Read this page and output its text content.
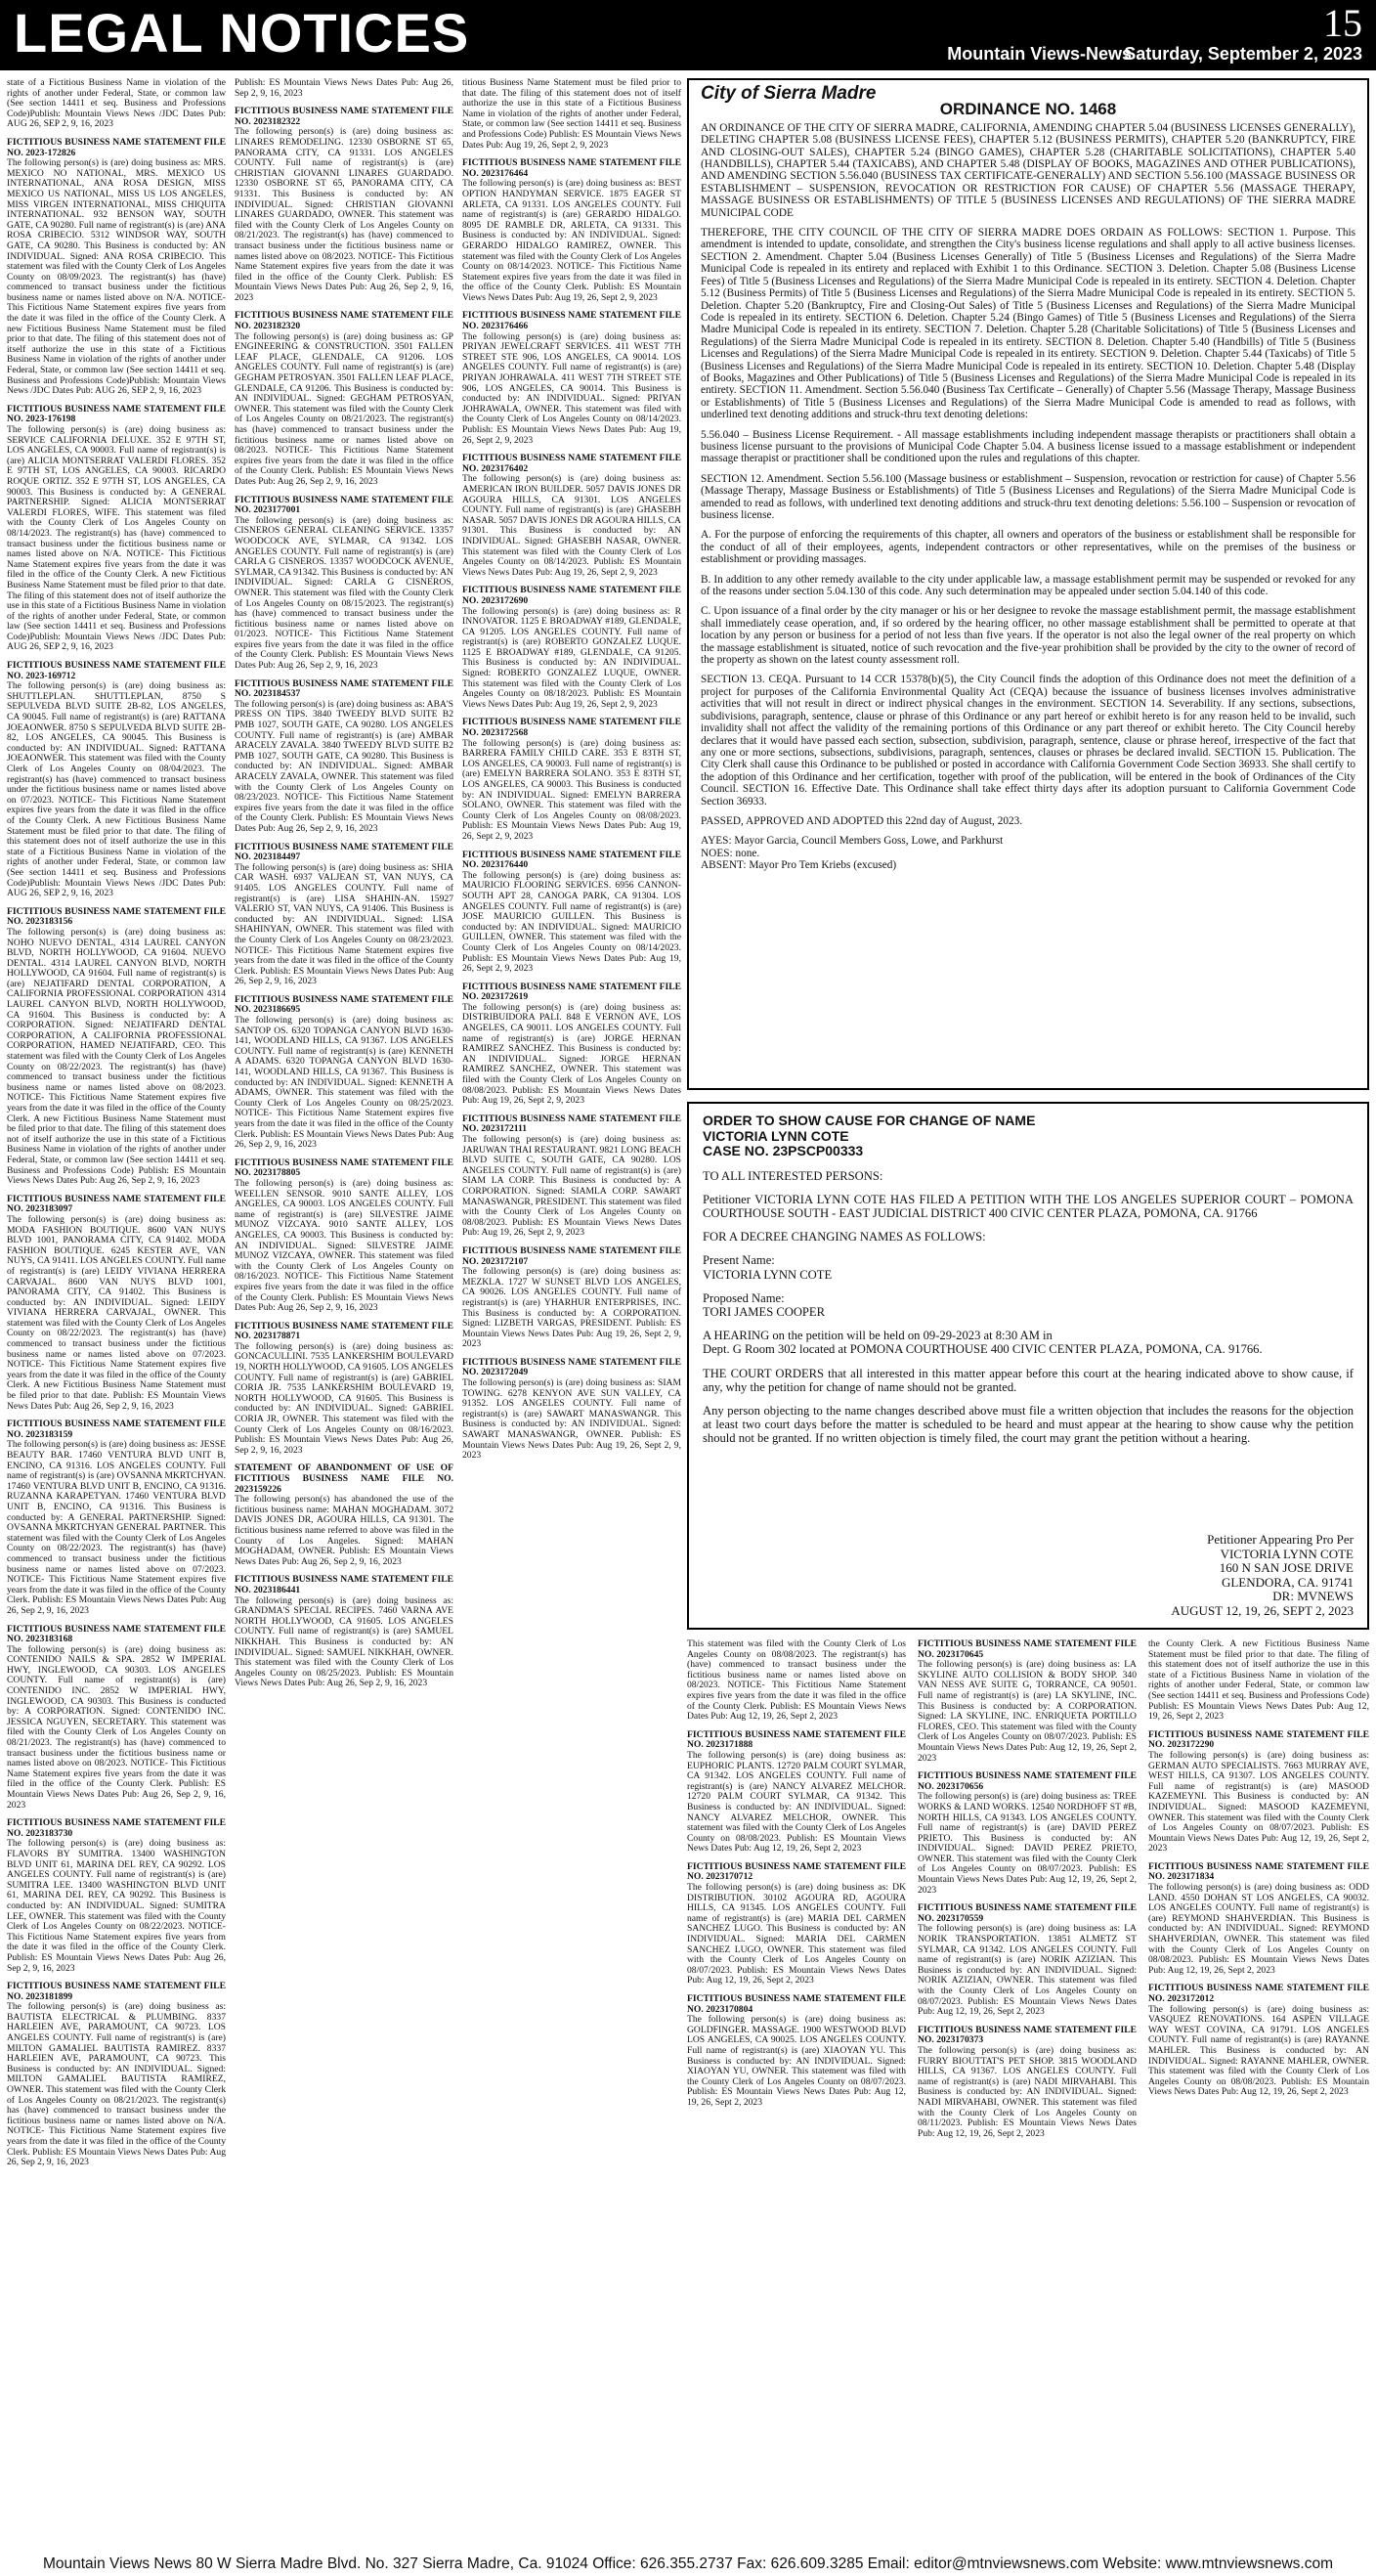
LEGAL NOTICES	15
Mountain Views-News
Saturday, September 2, 2023

state of a Fictitious Business Name in violation of the rights of another under Federal, State, or common law (See section 14411 et seq. Business and Professions Code)Publish: Mountain Views News /JDC Dates Pub: AUG 26, SEP 2, 9, 16, 2023

FICTITIOUS BUSINESS NAME STATEMENT FILE NO. 2023-172826

The following person(s) is (are) doing business as: MRS. MEXICO NO NATIONAL, MRS. MEXICO US INTERNATIONAL, ANA ROSA DESIGN, MISS MEXICO US NATIONAL, MISS US LOS ANGELES, MISS VIRGEN INTERNATIONAL, MISS CHIQUITA INTERNATIONAL. 932 BENSON WAY, SOUTH GATE, CA 90280. Full name of registrant(s) is (are) ANA ROSA CRIBECIO. 5312 WINDSOR WAY, SOUTH GATE, CA 90280. This Business is conducted by: AN INDIVIDUAL. Signed: ANA ROSA CRIBECIO. This statement was filed with the County Clerk of Los Angeles County on 08/09/2023. The registrant(s) has (have) commenced to transact business under the fictitious business name or names listed above on N/A. NOTICE- This Fictitious Name Statement expires five years from the date it was filed in the office of the County Clerk. A new Fictitious Business Name Statement must be filed prior to that date. The filing of this statement does not of itself authorize the use in this state of a Fictitious Business Name in violation of the rights of another under Federal, State, or common law (See section 14411 et seq. Business and Professions Code)Publish: Mountain Views News /JDC Dates Pub: AUG 26, SEP 2, 9, 16, 2023

FICTITIOUS BUSINESS NAME STATEMENT FILE NO. 2023-176198

The following person(s) is (are) doing business as: SERVICE CALIFORNIA DELUXE. 352 E 97TH ST, LOS ANGELES, CA 90003. Full name of registrant(s) is (are) ALICIA MONTSERRAT VALERDI FLORES. 352 E 97TH ST, LOS ANGELES, CA 90003. RICARDO ROQUE ORTIZ. 352 E 97TH ST, LOS ANGELES, CA 90003. This Business is conducted by: A GENERAL PARTNERSHIP. Signed: ALICIA MONTSERRAT VALERDI FLORES, WIFE. This statement was filed with the County Clerk of Los Angeles County on 08/14/2023. The registrant(s) has (have) commenced to transact business under the fictitious business name or names listed above on N/A. NOTICE- This Fictitious Name Statement expires five years from the date it was filed in the office of the County Clerk. A new Fictitious Business Name Statement must be filed prior to that date. The filing of this statement does not of itself authorize the use in this state of a Fictitious Business Name in violation of the rights of another under Federal, State, or common law (See section 14411 et seq. Business and Professions Code)Publish: Mountain Views News /JDC Dates Pub: AUG 26, SEP 2, 9, 16, 2023

FICTITIOUS BUSINESS NAME STATEMENT FILE NO. 2023-169712

The following person(s) is (are) doing business as: SHUTTLEPLAN. SHUTTLEPLAN, 8750 S SEPULVEDA BLVD SUITE 2B-82, LOS ANGELES, CA 90045. Full name of registrant(s) is (are) RATTANA JOEAONWER. 8750 S SEPULVEDA BLVD SUITE 2B-82, LOS ANGELES, CA 90045. This Business is conducted by: AN INDIVIDUAL. Signed: RATTANA JOEAONWER. This statement was filed with the County Clerk of Los Angeles County on 08/04/2023. The registrant(s) has (have) commenced to transact business under the fictitious business name or names listed above on 07/2023. NOTICE- This Fictitious Name Statement expires five years from the date it was filed in the office of the County Clerk. A new Fictitious Business Name Statement must be filed prior to that date. The filing of this statement does not of itself authorize the use in this state of a Fictitious Business Name in violation of the rights of another under Federal, State, or common law (See section 14411 et seq. Business and Professions Code)Publish: Mountain Views News /JDC Dates Pub: AUG 26, SEP 2, 9, 16, 2023

FICTITIOUS BUSINESS NAME STATEMENT FILE NO. 2023183156

The following person(s) is (are) doing business as: NOHO NUEVO DENTAL, 4314 LAUREL CANYON BLVD, NORTH HOLLYWOOD, CA 91604. NUEVO DENTAL. 4314 LAUREL CANYON BLVD, NORTH HOLLYWOOD, CA 91604. Full name of registrant(s) is (are) NEJATIFARD DENTAL CORPORATION, A CALIFORNIA PROFESSIONAL CORPORATION 4314 LAUREL CANYON BLVD, NORTH HOLLYWOOD, CA 91604. This Business is conducted by: A CORPORATION. Signed: NEJATIFARD DENTAL CORPORATION, A CALIFORNIA PROFESSIONAL CORPORATION, HAMED NEJATIFARD, CEO. This statement was filed with the County Clerk of Los Angeles County on 08/22/2023. The registrant(s) has (have) commenced to transact business under the fictitious business name or names listed above on 08/2023. NOTICE- This Fictitious Name Statement expires five years from the date it was filed in the office of the County Clerk. A new Fictitious Business Name Statement must be filed prior to that date. The filing of this statement does not of itself authorize the use in this state of a Fictitious Business Name in violation of the rights of another under Federal, State, or common law (See section 14411 et seq. Business and Professions Code) Publish: ES Mountain Views News Dates Pub: Aug 26, Sep 2, 9, 16, 2023

FICTITIOUS BUSINESS NAME STATEMENT FILE NO. 2023183097

The following person(s) is (are) doing business as: MODA FASHION BOUTIQUE. 8600 VAN NUYS BLVD 1001, PANORAMA CITY, CA 91402. MODA FASHION BOUTIQUE. 6245 KESTER AVE, VAN NUYS, CA 91411. LOS ANGELES COUNTY. Full name of registrant(s) is (are) LEIDY VIVIANA HERRERA CARVAJAL. 8600 VAN NUYS BLVD 1001, PANORAMA CITY, CA 91402. This Business is conducted by: AN INDIVIDUAL. Signed: LEIDY VIVIANA HERRERA CARVAJAL, OWNER. This statement was filed with the County Clerk of Los Angeles County on 08/22/2023. The registrant(s) has (have) commenced to transact business under the fictitious business name or names listed above on 07/2023. NOTICE- This Fictitious Name Statement expires five years from the date it was filed in the office of the County Clerk. A new Fictitious Business Name Statement must be filed prior to that date. Publish: ES Mountain Views News Dates Pub: Aug 26, Sep 2, 9, 16, 2023

FICTITIOUS BUSINESS NAME STATEMENT FILE NO. 2023183159

The following person(s) is (are) doing business as: JESSE BEAUTY BAR. 17460 VENTURA BLVD UNIT B, ENCINO, CA 91316. LOS ANGELES COUNTY. Full name of registrant(s) is (are) OVSANNA MKRTCHYAN. 17460 VENTURA BLVD UNIT B, ENCINO, CA 91316. RUZANNA KARAPETYAN. 17460 VENTURA BLVD UNIT B, ENCINO, CA 91316. This Business is conducted by: A GENERAL PARTNERSHIP. Signed: OVSANNA MKRTCHYAN GENERAL PARTNER. This statement was filed with the County Clerk of Los Angeles County on 08/22/2023. The registrant(s) has (have) commenced to transact business under the fictitious business name or names listed above on 07/2023. NOTICE- This Fictitious Name Statement expires five years from the date it was filed in the office of the County Clerk. Publish: ES Mountain Views News Dates Pub: Aug 26, Sep 2, 9, 16, 2023

FICTITIOUS BUSINESS NAME STATEMENT FILE NO. 2023183168

The following person(s) is (are) doing business as: CONTENIDO NAILS & SPA. 2852 W IMPERIAL HWY, INGLEWOOD, CA 90303. LOS ANGELES COUNTY. Full name of registrant(s) is (are) CONTENIDO INC. 2852 W IMPERIAL HWY, INGLEWOOD, CA 90303. This Business is conducted by: A CORPORATION. Signed: CONTENIDO INC. JESSICA NGUYEN, SECRETARY. This statement was filed with the County Clerk of Los Angeles County on 08/21/2023. The registrant(s) has (have) commenced to transact business under the fictitious business name or names listed above on 08/2023. NOTICE- This Fictitious Name Statement expires five years from the date it was filed in the office of the County Clerk. Publish: ES Mountain Views News Dates Pub: Aug 26, Sep 2, 9, 16, 2023

FICTITIOUS BUSINESS NAME STATEMENT FILE NO. 2023183730

The following person(s) is (are) doing business as: FLAVORS BY SUMITRA. 13400 WASHINGTON BLVD UNIT 61, MARINA DEL REY, CA 90292. LOS ANGELES COUNTY. Full name of registrant(s) is (are) SUMITRA LEE. 13400 WASHINGTON BLVD UNIT 61, MARINA DEL REY, CA 90292. This Business is conducted by: AN INDIVIDUAL. Signed: SUMITRA LEE, OWNER. This statement was filed with the County Clerk of Los Angeles County on 08/22/2023. NOTICE- This Fictitious Name Statement expires five years from the date it was filed in the office of the County Clerk. Publish: ES Mountain Views News Dates Pub: Aug 26, Sep 2, 9, 16, 2023

FICTITIOUS BUSINESS NAME STATEMENT FILE NO. 2023181899

The following person(s) is (are) doing business as: BAUTISTA ELECTRICAL & PLUMBING. 8337 HARLEIEN AVE, PARAMOUNT, CA 90723. LOS ANGELES COUNTY. Full name of registrant(s) is (are) MILTON GAMALIEL BAUTISTA RAMIREZ. 8337 HARLEIEN AVE, PARAMOUNT, CA 90723. This Business is conducted by: AN INDIVIDUAL. Signed: MILTON GAMALIEL BAUTISTA RAMIREZ, OWNER. This statement was filed with the County Clerk of Los Angeles County on 08/21/2023. The registrant(s) has (have) commenced to transact business under the fictitious business name or names listed above on N/A. NOTICE- This Fictitious Name Statement expires five years from the date it was filed in the office of the County Clerk. Publish: ES Mountain Views News Dates Pub: Aug 26, Sep 2, 9, 16, 2023

Publish: ES Mountain Views News Dates Pub: Aug 26, Sep 2, 9, 16, 2023

FICTITIOUS BUSINESS NAME STATEMENT FILE NO. 2023182322

The following person(s) is (are) doing business as: LINARES REMODELING. 12330 OSBORNE ST 65, PANORAMA CITY, CA 91331. LOS ANGELES COUNTY. Full name of registrant(s) is (are) CHRISTIAN GIOVANNI LINARES GUARDADO. 12330 OSBORNE ST 65, PANORAMA CITY, CA 91331. This Business is conducted by: AN INDIVIDUAL. Signed: CHRISTIAN GIOVANNI LINARES GUARDADO, OWNER. This statement was filed with the County Clerk of Los Angeles County on 08/21/2023. The registrant(s) has (have) commenced to transact business under the fictitious business name or names listed above on 08/2023. NOTICE- This Fictitious Name Statement expires five years from the date it was filed in the office of the County Clerk. Publish: ES Mountain Views News Dates Pub: Aug 26, Sep 2, 9, 16, 2023

FICTITIOUS BUSINESS NAME STATEMENT FILE NO. 2023182320

The following person(s) is (are) doing business as: GP ENGINEERING & CONSTRUCTION. 3501 FALLEN LEAF PLACE, GLENDALE, CA 91206. LOS ANGELES COUNTY. Full name of registrant(s) is (are) GEGHAM PETROSYAN. 3501 FALLEN LEAF PLACE, GLENDALE, CA 91206. This Business is conducted by: AN INDIVIDUAL. Signed: GEGHAM PETROSYAN, OWNER. This statement was filed with the County Clerk of Los Angeles County on 08/21/2023. The registrant(s) has (have) commenced to transact business under the fictitious business name or names listed above on 08/2023. NOTICE- This Fictitious Name Statement expires five years from the date it was filed in the office of the County Clerk. Publish: ES Mountain Views News Dates Pub: Aug 26, Sep 2, 9, 16, 2023

FICTITIOUS BUSINESS NAME STATEMENT FILE NO. 2023177001

The following person(s) is (are) doing business as: CISNEROS GENERAL CLEANING SERVICE. 13357 WOODCOCK AVE, SYLMAR, CA 91342. LOS ANGELES COUNTY. Full name of registrant(s) is (are) CARLA G CISNEROS. 13357 WOODCOCK AVENUE, SYLMAR, CA 91342. This Business is conducted by: AN INDIVIDUAL. Signed: CARLA G CISNEROS, OWNER. This statement was filed with the County Clerk of Los Angeles County on 08/15/2023. The registrant(s) has (have) commenced to transact business under the fictitious business name or names listed above on 01/2023. NOTICE- This Fictitious Name Statement expires five years from the date it was filed in the office of the County Clerk. Publish: ES Mountain Views News Dates Pub: Aug 26, Sep 2, 9, 16, 2023

FICTITIOUS BUSINESS NAME STATEMENT FILE NO. 2023184537

The following person(s) is (are) doing business as: ABA'S PRESS ON TIPS. 3840 TWEEDY BLVD SUITE B2 PMB 1027, SOUTH GATE, CA 90280. LOS ANGELES COUNTY. Full name of registrant(s) is (are) AMBAR ARACELY ZAVALA. 3840 TWEEDY BLVD SUITE B2 PMB 1027, SOUTH GATE, CA 90280. This Business is conducted by: AN INDIVIDUAL. Signed: AMBAR ARACELY ZAVALA, OWNER. This statement was filed with the County Clerk of Los Angeles County on 08/23/2023. NOTICE- This Fictitious Name Statement expires five years from the date it was filed in the office of the County Clerk. Publish: ES Mountain Views News Dates Pub: Aug 26, Sep 2, 9, 16, 2023

FICTITIOUS BUSINESS NAME STATEMENT FILE NO. 2023184497

The following person(s) is (are) doing business as: SHIA CAR WASH. 6937 VALJEAN ST, VAN NUYS, CA 91405. LOS ANGELES COUNTY. Full name of registrant(s) is (are) LISA SHAHIN-AN. 15927 VALERIO ST, VAN NUYS, CA 91406. This Business is conducted by: AN INDIVIDUAL. Signed: LISA SHAHINYAN, OWNER. This statement was filed with the County Clerk of Los Angeles County on 08/23/2023. NOTICE- This Fictitious Name Statement expires five years from the date it was filed in the office of the County Clerk. Publish: ES Mountain Views News Dates Pub: Aug 26, Sep 2, 9, 16, 2023

FICTITIOUS BUSINESS NAME STATEMENT FILE NO. 2023186695

The following person(s) is (are) doing business as: SANTOP OS. 6320 TOPANGA CANYON BLVD 1630-141, WOODLAND HILLS, CA 91367. LOS ANGELES COUNTY. Full name of registrant(s) is (are) KENNETH A ADAMS. 6320 TOPANGA CANYON BLVD 1630-141, WOODLAND HILLS, CA 91367. This Business is conducted by: AN INDIVIDUAL. Signed: KENNETH A ADAMS, OWNER. This statement was filed with the County Clerk of Los Angeles County on 08/25/2023. NOTICE- This Fictitious Name Statement expires five years from the date it was filed in the office of the County Clerk. Publish: ES Mountain Views News Dates Pub: Aug 26, Sep 2, 9, 16, 2023

FICTITIOUS BUSINESS NAME STATEMENT FILE NO. 2023178805

The following person(s) is (are) doing business as: WEELLEN SENSOR. 9010 SANTE ALLEY, LOS ANGELES, CA 90003. LOS ANGELES COUNTY. Full name of registrant(s) is (are) SILVESTRE JAIME MUNOZ VIZCAYA. 9010 SANTE ALLEY, LOS ANGELES, CA 90003. This Business is conducted by: AN INDIVIDUAL. Signed: SILVESTRE JAIME MUNOZ VIZCAYA, OWNER. This statement was filed with the County Clerk of Los Angeles County on 08/16/2023. NOTICE- This Fictitious Name Statement expires five years from the date it was filed in the office of the County Clerk. Publish: ES Mountain Views News Dates Pub: Aug 26, Sep 2, 9, 16, 2023

FICTITIOUS BUSINESS NAME STATEMENT FILE NO. 2023178871

The following person(s) is (are) doing business as: GONCACULLINI. 7535 LANKERSHIM BOULEVARD 19, NORTH HOLLYWOOD, CA 91605. LOS ANGELES COUNTY. Full name of registrant(s) is (are) GABRIEL CORIA JR. 7535 LANKERSHIM BOULEVARD 19, NORTH HOLLYWOOD, CA 91605. This Business is conducted by: AN INDIVIDUAL. Signed: GABRIEL CORIA JR, OWNER. This statement was filed with the County Clerk of Los Angeles County on 08/16/2023. Publish: ES Mountain Views News Dates Pub: Aug 26, Sep 2, 9, 16, 2023

STATEMENT OF ABANDONMENT OF USE OF FICTITIOUS BUSINESS NAME FILE NO. 2023159226

The following person(s) has abandoned the use of the fictitious business name: MAHAN MOGHADAM. 3072 DAVIS JONES DR, AGOURA HILLS, CA 91301. The fictitious business name referred to above was filed in the County of Los Angeles. Signed: MAHAN MOGHADAM, OWNER. Publish: ES Mountain Views News Dates Pub: Aug 26, Sep 2, 9, 16, 2023

FICTITIOUS BUSINESS NAME STATEMENT FILE NO. 2023186441

The following person(s) is (are) doing business as: GRANDMA'S SPECIAL RECIPES. 7460 VARNA AVE NORTH HOLLYWOOD, CA 91605. LOS ANGELES COUNTY. Full name of registrant(s) is (are) SAMUEL NIKKHAH. This Business is conducted by: AN INDIVIDUAL. Signed: SAMUEL NIKKHAH, OWNER. This statement was filed with the County Clerk of Los Angeles County on 08/25/2023. Publish: ES Mountain Views News Dates Pub: Aug 26, Sep 2, 9, 16, 2023

titious Business Name Statement must be filed prior to that date. The filing of this statement does not of itself authorize the use in this state of a Fictitious Business Name in violation of the rights of another under Federal, State, or common law (See section 14411 et seq. Business and Professions Code) Publish: ES Mountain Views News Dates Pub: Aug 19, 26, Sept 2, 9, 2023

FICTITIOUS BUSINESS NAME STATEMENT FILE NO. 2023176464

The following person(s) is (are) doing business as: BEST OPTION HANDYMAN SERVICE. 1875 EAGER ST ARLETA, CA 91331. LOS ANGELES COUNTY. Full name of registrant(s) is (are) GERARDO HIDALGO. 8095 DE RAMBLE DR, ARLETA, CA 91331. This Business is conducted by: AN INDIVIDUAL. Signed: GERARDO HIDALGO RAMIREZ, OWNER. This statement was filed with the County Clerk of Los Angeles County on 08/14/2023. NOTICE- This Fictitious Name Statement expires five years from the date it was filed in the office of the County Clerk. Publish: ES Mountain Views News Dates Pub: Aug 19, 26, Sept 2, 9, 2023

FICTITIOUS BUSINESS NAME STATEMENT FILE NO. 2023176466

The following person(s) is (are) doing business as: PRIYAN JEWELCRAFT SERVICES. 411 WEST 7TH STREET STE 906, LOS ANGELES, CA 90014. LOS ANGELES COUNTY. Full name of registrant(s) is (are) PRIYAN JOHRAWALA. 411 WEST 7TH STREET STE 906, LOS ANGELES, CA 90014. This Business is conducted by: AN INDIVIDUAL. Signed: PRIYAN JOHRAWALA, OWNER. This statement was filed with the County Clerk of Los Angeles County on 08/14/2023. Publish: ES Mountain Views News Dates Pub: Aug 19, 26, Sept 2, 9, 2023

FICTITIOUS BUSINESS NAME STATEMENT FILE NO. 2023176402

The following person(s) is (are) doing business as: AMERICAN IRON BUILDER. 5057 DAVIS JONES DR AGOURA HILLS, CA 91301. LOS ANGELES COUNTY. Full name of registrant(s) is (are) GHASEBH NASAR. 5057 DAVIS JONES DR AGOURA HILLS, CA 91301. This Business is conducted by: AN INDIVIDUAL. Signed: GHASEBH NASAR, OWNER. This statement was filed with the County Clerk of Los Angeles County on 08/14/2023. Publish: ES Mountain Views News Dates Pub: Aug 19, 26, Sept 2, 9, 2023

FICTITIOUS BUSINESS NAME STATEMENT FILE NO. 2023172690

The following person(s) is (are) doing business as: R INNOVATOR. 1125 E BROADWAY #189, GLENDALE, CA 91205. LOS ANGELES COUNTY. Full name of registrant(s) is (are) ROBERTO GONZALEZ LUQUE. 1125 E BROADWAY #189, GLENDALE, CA 91205. This Business is conducted by: AN INDIVIDUAL. Signed: ROBERTO GONZALEZ LUQUE, OWNER. This statement was filed with the County Clerk of Los Angeles County on 08/18/2023. Publish: ES Mountain Views News Dates Pub: Aug 19, 26, Sept 2, 9, 2023

FICTITIOUS BUSINESS NAME STATEMENT FILE NO. 2023172568

The following person(s) is (are) doing business as: BARRERA FAMILY CHILD CARE. 353 E 83TH ST, LOS ANGELES, CA 90003. Full name of registrant(s) is (are) EMELYN BARRERA SOLANO. 353 E 83TH ST, LOS ANGELES, CA 90003. This Business is conducted by: AN INDIVIDUAL. Signed: EMELYN BARRERA SOLANO, OWNER. This statement was filed with the County Clerk of Los Angeles County on 08/08/2023. Publish: ES Mountain Views News Dates Pub: Aug 19, 26, Sept 2, 9, 2023

FICTITIOUS BUSINESS NAME STATEMENT FILE NO. 2023176440

The following person(s) is (are) doing business as: MAURICIO FLOORING SERVICES. 6956 CANNON-SOUTH APT 28, CANOGA PARK, CA 91304. LOS ANGELES COUNTY. Full name of registrant(s) is (are) JOSE MAURICIO GUILLEN. This Business is conducted by: AN INDIVIDUAL. Signed: MAURICIO GUILLEN, OWNER. This statement was filed with the County Clerk of Los Angeles County on 08/14/2023. Publish: ES Mountain Views News Dates Pub: Aug 19, 26, Sept 2, 9, 2023

FICTITIOUS BUSINESS NAME STATEMENT FILE NO. 2023172619

The following person(s) is (are) doing business as: DISTRIBUIDORA PALI. 848 E VERNON AVE, LOS ANGELES, CA 90011. LOS ANGELES COUNTY. Full name of registrant(s) is (are) JORGE HERNAN RAMIREZ SANCHEZ. This Business is conducted by: AN INDIVIDUAL. Signed: JORGE HERNAN RAMIREZ SANCHEZ, OWNER. This statement was filed with the County Clerk of Los Angeles County on 08/08/2023. Publish: ES Mountain Views News Dates Pub: Aug 19, 26, Sept 2, 9, 2023

FICTITIOUS BUSINESS NAME STATEMENT FILE NO. 2023172111

The following person(s) is (are) doing business as: JARUWAN THAI RESTAURANT. 9821 LONG BEACH BLVD SUITE C, SOUTH GATE, CA 90280. LOS ANGELES COUNTY. Full name of registrant(s) is (are) SIAM LA CORP. This Business is conducted by: A CORPORATION. Signed: SIAMLA CORP. SAWART MANASWANGR, PRESIDENT. This statement was filed with the County Clerk of Los Angeles County on 08/08/2023. Publish: ES Mountain Views News Dates Pub: Aug 19, 26, Sept 2, 9, 2023

FICTITIOUS BUSINESS NAME STATEMENT FILE NO. 2023172107

The following person(s) is (are) doing business as: MEZKLA. 1727 W SUNSET BLVD LOS ANGELES, CA 90026. LOS ANGELES COUNTY. Full name of registrant(s) is (are) YHARHUR ENTERPRISES, INC. This Business is conducted by: A CORPORATION. Signed: LIZBETH VARGAS, PRESIDENT. Publish: ES Mountain Views News Dates Pub: Aug 19, 26, Sept 2, 9, 2023

FICTITIOUS BUSINESS NAME STATEMENT FILE NO. 2023172049

The following person(s) is (are) doing business as: SIAM TOWING. 6278 KENYON AVE SUN VALLEY, CA 91352. LOS ANGELES COUNTY. Full name of registrant(s) is (are) SAWART MANASWANGR. This Business is conducted by: AN INDIVIDUAL. Signed: SAWART MANASWANGR, OWNER. Publish: ES Mountain Views News Dates Pub: Aug 19, 26, Sept 2, 9, 2023

This statement was filed with the County Clerk of Los Angeles County on 08/08/2023. The registrant(s) has (have) commenced to transact business under the fictitious business name or names listed above on 08/2023. NOTICE- This Fictitious Name Statement expires five years from the date it was filed in the office of the County Clerk. Publish: ES Mountain Views News Dates Pub: Aug 12, 19, 26, Sept 2, 2023

FICTITIOUS BUSINESS NAME STATEMENT FILE NO. 2023171888

The following person(s) is (are) doing business as: EUPHORIC PLANTS. 12720 PALM COURT SYLMAR, CA 91342. LOS ANGELES COUNTY. Full name of registrant(s) is (are) NANCY ALVAREZ MELCHOR. 12720 PALM COURT SYLMAR, CA 91342. This Business is conducted by: AN INDIVIDUAL. Signed: NANCY ALVAREZ MELCHOR, OWNER. This statement was filed with the County Clerk of Los Angeles County on 08/08/2023. Publish: ES Mountain Views News Dates Pub: Aug 12, 19, 26, Sept 2, 2023

FICTITIOUS BUSINESS NAME STATEMENT FILE NO. 2023170712

The following person(s) is (are) doing business as: DK DISTRIBUTION. 30102 AGOURA RD, AGOURA HILLS, CA 91345. LOS ANGELES COUNTY. Full name of registrant(s) is (are) MARIA DEL CARMEN SANCHEZ LUGO. This Business is conducted by: AN INDIVIDUAL. Signed: MARIA DEL CARMEN SANCHEZ LUGO, OWNER. This statement was filed with the County Clerk of Los Angeles County on 08/07/2023. Publish: ES Mountain Views News Dates Pub: Aug 12, 19, 26, Sept 2, 2023

FICTITIOUS BUSINESS NAME STATEMENT FILE NO. 2023170804

The following person(s) is (are) doing business as: GOLDFINGER. MASSAGE. 1900 WESTWOOD BLVD LOS ANGELES, CA 90025. LOS ANGELES COUNTY. Full name of registrant(s) is (are) XIAOYAN YU. This Business is conducted by: AN INDIVIDUAL. Signed: XIAOYAN YU, OWNER. This statement was filed with the County Clerk of Los Angeles County on 08/07/2023. Publish: ES Mountain Views News Dates Pub: Aug 12, 19, 26, Sept 2, 2023

FICTITIOUS BUSINESS NAME STATEMENT FILE NO. 2023170645

The following person(s) is (are) doing business as: LA SKYLINE AUTO COLLISION & BODY SHOP. 340 VAN NESS AVE SUITE G, TORRANCE, CA 90501. Full name of registrant(s) is (are) LA SKYLINE, INC. This Business is conducted by: A CORPORATION. Signed: LA SKYLINE, INC. ENRIQUETA PORTILLO FLORES, CEO. This statement was filed with the County Clerk of Los Angeles County on 08/07/2023. Publish: ES Mountain Views News Dates Pub: Aug 12, 19, 26, Sept 2, 2023

FICTITIOUS BUSINESS NAME STATEMENT FILE NO. 2023170656

The following person(s) is (are) doing business as: TREE WORKS & LAND WORKS. 12540 NORDHOFF ST #B, NORTH HILLS, CA 91343. LOS ANGELES COUNTY. Full name of registrant(s) is (are) DAVID PEREZ PRIETO. This Business is conducted by: AN INDIVIDUAL. Signed: DAVID PEREZ PRIETO, OWNER. This statement was filed with the County Clerk of Los Angeles County on 08/07/2023. Publish: ES Mountain Views News Dates Pub: Aug 12, 19, 26, Sept 2, 2023

FICTITIOUS BUSINESS NAME STATEMENT FILE NO. 2023170559

The following person(s) is (are) doing business as: LA NORIK TRANSPORTATION. 13851 ALMETZ ST SYLMAR, CA 91342. LOS ANGELES COUNTY. Full name of registrant(s) is (are) NORIK AZIZIAN. This Business is conducted by: AN INDIVIDUAL. Signed: NORIK AZIZIAN, OWNER. This statement was filed with the County Clerk of Los Angeles County on 08/07/2023. Publish: ES Mountain Views News Dates Pub: Aug 12, 19, 26, Sept 2, 2023

FICTITIOUS BUSINESS NAME STATEMENT FILE NO. 2023170373

The following person(s) is (are) doing business as: FURRY BIOUTTAT'S PET SHOP. 3815 WOODLAND HILLS, CA 91367. LOS ANGELES COUNTY. Full name of registrant(s) is (are) NADI MIRVAHABI. This Business is conducted by: AN INDIVIDUAL. Signed: NADI MIRVAHABI, OWNER. This statement was filed with the County Clerk of Los Angeles County on 08/11/2023. Publish: ES Mountain Views News Dates Pub: Aug 12, 19, 26, Sept 2, 2023

the County Clerk. A new Fictitious Business Name Statement must be filed prior to that date. The filing of this statement does not of itself authorize the use in this state of a Fictitious Business Name in violation of the rights of another under Federal, State, or common law (See section 14411 et seq. Business and Professions Code) Publish: ES Mountain Views News Dates Pub: Aug 12, 19, 26, Sept 2, 2023

FICTITIOUS BUSINESS NAME STATEMENT FILE NO. 2023172290

The following person(s) is (are) doing business as: GERMAN AUTO SPECIALISTS. 7663 MURRAY AVE, WEST HILLS, CA 91307. LOS ANGELES COUNTY. Full name of registrant(s) is (are) MASOOD KAZEMEYNI. This Business is conducted by: AN INDIVIDUAL. Signed: MASOOD KAZEMEYNI, OWNER. This statement was filed with the County Clerk of Los Angeles County on 08/07/2023. Publish: ES Mountain Views News Dates Pub: Aug 12, 19, 26, Sept 2, 2023

FICTITIOUS BUSINESS NAME STATEMENT FILE NO. 2023171834

The following person(s) is (are) doing business as: ODD LAND. 4550 DOHAN ST LOS ANGELES, CA 90032. LOS ANGELES COUNTY. Full name of registrant(s) is (are) REYMOND SHAHVERDIAN. This Business is conducted by: AN INDIVIDUAL. Signed: REYMOND SHAHVERDIAN, OWNER. This statement was filed with the County Clerk of Los Angeles County on 08/08/2023. Publish: ES Mountain Views News Dates Pub: Aug 12, 19, 26, Sept 2, 2023

FICTITIOUS BUSINESS NAME STATEMENT FILE NO. 2023172012

The following person(s) is (are) doing business as: VASQUEZ RENOVATIONS. 164 ASPEN VILLAGE WAY WEST COVINA, CA 91791. LOS ANGELES COUNTY. Full name of registrant(s) is (are) RAYANNE MAHLER. This Business is conducted by: AN INDIVIDUAL. Signed: RAYANNE MAHLER, OWNER. This statement was filed with the County Clerk of Los Angeles County on 08/08/2023. Publish: ES Mountain Views News Dates Pub: Aug 12, 19, 26, Sept 2, 2023

City of Sierra Madre
ORDINANCE NO. 1468

AN ORDINANCE OF THE CITY OF SIERRA MADRE, CALIFORNIA, AMENDING CHAPTER 5.04 (BUSINESS LICENSES GENERALLY), DELETING CHAPTER 5.08 (BUSINESS LICENSE FEES), CHAPTER 5.12 (BUSINESS PERMITS), CHAPTER 5.20 (BANKRUPTCY, FIRE AND CLOSING-OUT SALES), CHAPTER 5.24 (BINGO GAMES), CHAPTER 5.28 (CHARITABLE SOLICITATIONS), CHAPTER 5.40 (HANDBILLS), CHAPTER 5.44 (TAXICABS), AND CHAPTER 5.48 (DISPLAY OF BOOKS, MAGAZINES AND OTHER PUBLICATIONS), AND AMENDING SECTION 5.56.040 (BUSINESS TAX CERTIFICATE-GENERALLY) AND SECTION 5.56.100 (MASSAGE BUSINESS OR ESTABLISHMENT – SUSPENSION, REVOCATION OR RESTRICTION FOR CAUSE) OF CHAPTER 5.56 (MASSAGE THERAPY, MASSAGE BUSINESS OR ESTABLISHMENTS) OF TITLE 5 (BUSINESS LICENSES AND REGULATIONS) OF THE SIERRA MADRE MUNICIPAL CODE

THEREFORE, THE CITY COUNCIL OF THE CITY OF SIERRA MADRE DOES ORDAIN AS FOLLOWS: SECTION 1. Purpose. This amendment is intended to update, consolidate, and strengthen the City's business license regulations and shall apply to all active business licenses. SECTION 2. Amendment. Chapter 5.04 (Business Licenses Generally) of Title 5 (Business Licenses and Regulations) of the Sierra Madre Municipal Code is repealed in its entirety and replaced with Exhibit 1 to this Ordinance. SECTION 3. Deletion. Chapter 5.08 (Business License Fees) of Title 5 (Business Licenses and Regulations) of the Sierra Madre Municipal Code is repealed in its entirety. SECTION 4. Deletion. Chapter 5.12 (Business Permits) of Title 5 (Business Licenses and Regulations) of the Sierra Madre Municipal Code is repealed in its entirety. SECTION 5. Deletion. Chapter 5.20 (Bankruptcy, Fire and Closing-Out Sales) of Title 5 (Business Licenses and Regulations) of the Sierra Madre Municipal Code is repealed in its entirety. SECTION 6. Deletion. Chapter 5.24 (Bingo Games) of Title 5 (Business Licenses and Regulations) of the Sierra Madre Municipal Code is repealed in its entirety. SECTION 7. Deletion. Chapter 5.28 (Charitable Solicitations) of Title 5 (Business Licenses and Regulations) of the Sierra Madre Municipal Code is repealed in its entirety. SECTION 8. Deletion. Chapter 5.40 (Handbills) of Title 5 (Business Licenses and Regulations) of the Sierra Madre Municipal Code is repealed in its entirety. SECTION 9. Deletion. Chapter 5.44 (Taxicabs) of Title 5 (Business Licenses and Regulations) of the Sierra Madre Municipal Code is repealed in its entirety. SECTION 10. Deletion. Chapter 5.48 (Display of Books, Magazines and Other Publications) of Title 5 (Business Licenses and Regulations) of the Sierra Madre Municipal Code is repealed in its entirety. SECTION 11. Amendment. Section 5.56.040 (Business Tax Certificate – Generally) of Chapter 5.56 (Massage Therapy, Massage Business or Establishments) of Title 5 (Business Licenses and Regulations) of the Sierra Madre Municipal Code is amended to read as follows, with underlined text denoting additions and struck-thru text denoting deletions:

5.56.040 – Business License Requirement. - All massage establishments including independent massage therapists or practitioners shall obtain a business license pursuant to the provisions of Municipal Code Chapter 5.04. A business license issued to a massage establishment or independent massage therapist or practitioner shall be conditioned upon the rules and regulations of this chapter.

SECTION 12. Amendment. Section 5.56.100 (Massage business or establishment – Suspension, revocation or restriction for cause) of Chapter 5.56 (Massage Therapy, Massage Business or Establishments) of Title 5 (Business Licenses and Regulations) of the Sierra Madre Municipal Code is amended to read as follows, with underlined text denoting additions and struck-thru text denoting deletions: 5.56.100 – Suspension or revocation of business license.

A. For the purpose of enforcing the requirements of this chapter, all owners and operators of the business or establishment shall be responsible for the conduct of all of their employees, agents, independent contractors or other representatives, while on the premises of the business or establishment or providing massages.

B. In addition to any other remedy available to the city under applicable law, a massage establishment permit may be suspended or revoked for any of the reasons under section 5.04.130 of this code. Any such determination may be appealed under section 5.04.140 of this code.

C. Upon issuance of a final order by the city manager or his or her designee to revoke the massage establishment permit, the massage establishment shall immediately cease operation, and, if so ordered by the hearing officer, no other massage establishment shall be permitted to operate at that location by any person or business for a period of not less than five years. If the operator is not also the legal owner of the real property on which the massage establishment is situated, notice of such revocation and the five-year prohibition shall be provided by the city to the owner of record of the property as shown on the latest county assessment roll.

SECTION 13. CEQA. Pursuant to 14 CCR 15378(b)(5), the City Council finds the adoption of this Ordinance does not meet the definition of a project for purposes of the California Environmental Quality Act (CEQA) because the issuance of business licenses involves administrative activities that will not result in direct or indirect physical changes in the environment. SECTION 14. Severability. If any sections, subsections, subdivisions, paragraph, sentence, clause or phrase of this Ordinance or any part hereof or exhibit hereto is for any reason held to be invalid, such invalidity shall not affect the validity of the remaining portions of this Ordinance or any part thereof or exhibit hereto. The City Council hereby declares that it would have passed each section, subsection, subdivision, paragraph, sentence, clause or phrase hereof, irrespective of the fact that any one or more sections, subsections, subdivisions, paragraph, sentences, clauses or phrases be declared invalid. SECTION 15. Publication. The City Clerk shall cause this Ordinance to be published or posted in accordance with California Government Code Section 36933. She shall certify to the adoption of this Ordinance and her certification, together with proof of the publication, will be entered in the book of Ordinances of the City Council. SECTION 16. Effective Date. This Ordinance shall take effect thirty days after its adoption pursuant to California Government Code Section 36933.

PASSED, APPROVED AND ADOPTED this 22nd day of August, 2023.

AYES: Mayor Garcia, Council Members Goss, Lowe, and Parkhurst
NOES: none.
ABSENT: Mayor Pro Tem Kriebs (excused)

ORDER TO SHOW CAUSE FOR CHANGE OF NAME
VICTORIA LYNN COTE
CASE NO. 23PSCP00333

TO ALL INTERESTED PERSONS:

Petitioner VICTORIA LYNN COTE HAS FILED A PETITION WITH THE LOS ANGELES SUPERIOR COURT – POMONA COURTHOUSE SOUTH - EAST JUDICIAL DISTRICT 400 CIVIC CENTER PLAZA, POMONA, CA. 91766

FOR A DECREE CHANGING NAMES AS FOLLOWS:

Present Name:
VICTORIA LYNN COTE

Proposed Name:
TORI JAMES COOPER

A HEARING on the petition will be held on 09-29-2023 at 8:30 AM in
Dept. G Room 302 located at POMONA COURTHOUSE 400 CIVIC CENTER PLAZA, POMONA, CA. 91766.

THE COURT ORDERS that all interested in this matter appear before this court at the hearing indicated above to show cause, if any, why the petition for change of name should not be granted.

Any person objecting to the name changes described above must file a written objection that includes the reasons for the objection at least two court days before the matter is scheduled to be heard and must appear at the hearing to show cause why the petition should not be granted. If no written objection is timely filed, the court may grant the petition without a hearing.

Petitioner Appearing Pro Per
VICTORIA LYNN COTE
160 N SAN JOSE DRIVE
GLENDORA, CA. 91741
DR: MVNEWS
AUGUST 12, 19, 26, SEPT 2, 2023
Mountain Views News 80 W Sierra Madre Blvd. No. 327 Sierra Madre, Ca. 91024 Office: 626.355.2737 Fax: 626.609.3285 Email: editor@mtnviewsnews.com Website: www.mtnviewsnews.com
